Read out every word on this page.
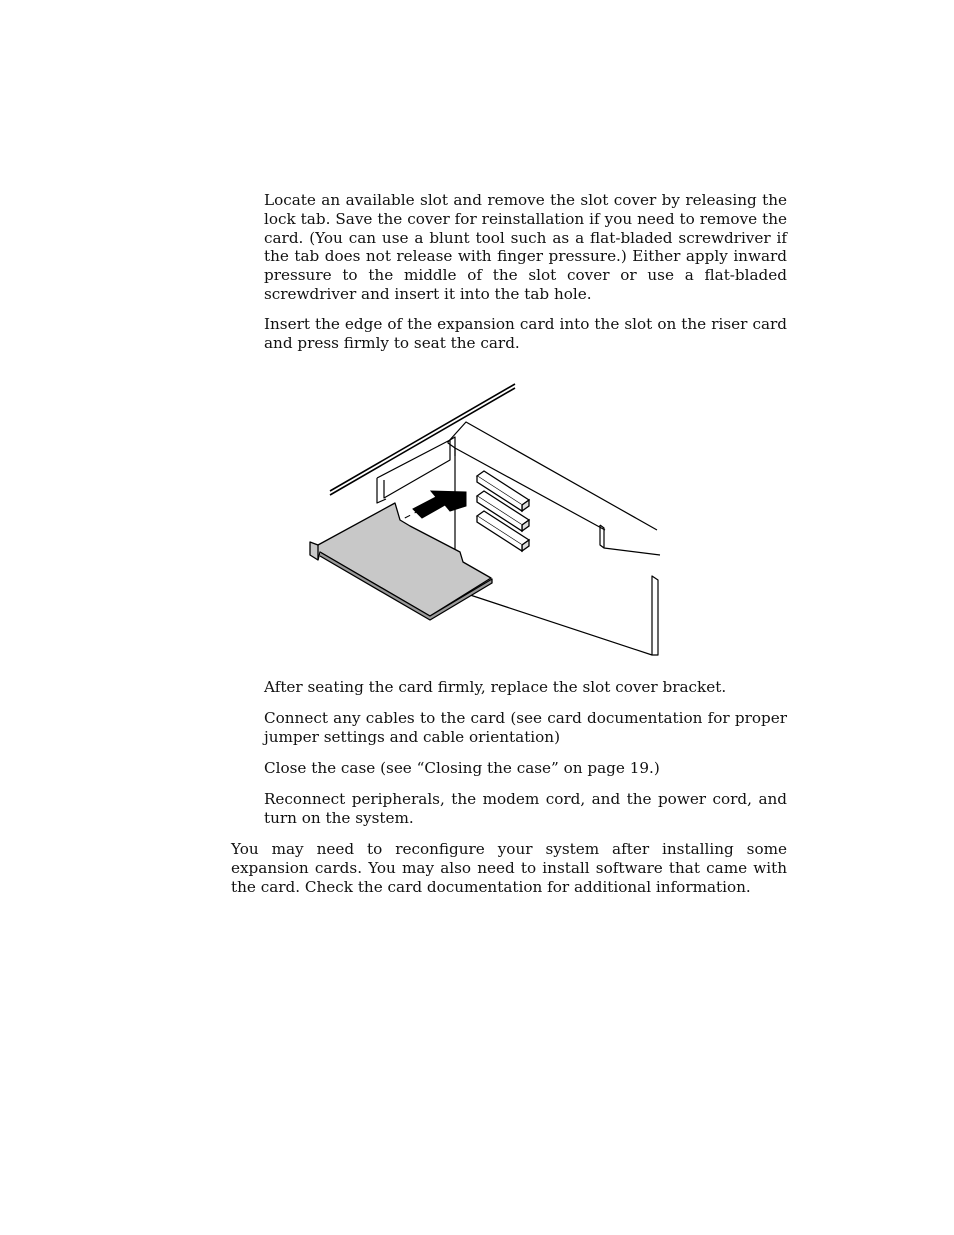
Locate an available slot and remove the slot cover by releasing the lock tab. Save the cover for reinstallation if you need to remove the card. (You can use a blunt tool such as a flat-bladed screwdriver if the tab does not release with finger pressure.) Either apply inward pressure to the middle of the slot cover or use a flat-bladed screwdriver and insert it into the tab hole.

Insert the edge of the expansion card into the slot on the riser card and press firmly to seat the card.

After seating the card firmly, replace the slot cover bracket.

Connect any cables to the card (see card documentation for proper jumper settings and cable orientation)

Close the case (see “Closing the case” on page 19.)

Reconnect peripherals, the modem cord, and the power cord, and turn on the system.

You may need to reconfigure your system after installing some expansion cards. You may also need to install software that came with the card. Check the card documentation for additional information.
